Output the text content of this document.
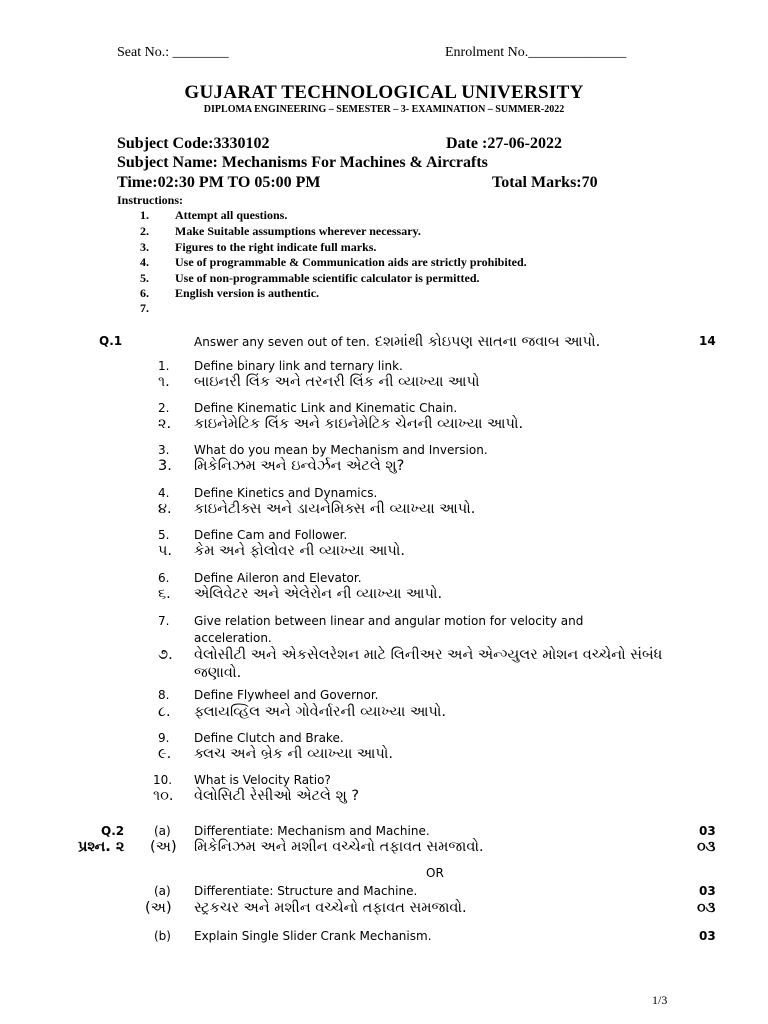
Seat No.: ________	Enrolment No.______________
GUJARAT TECHNOLOGICAL UNIVERSITY
DIPLOMA ENGINEERING – SEMESTER – 3- EXAMINATION – SUMMER-2022
Subject Code:3330102	Date :27-06-2022
Subject Name: Mechanisms For Machines & Aircrafts
Time:02:30 PM TO 05:00 PM	Total Marks:70
Instructions:
1. Attempt all questions.
2. Make Suitable assumptions wherever necessary.
3. Figures to the right indicate full marks.
4. Use of programmable & Communication aids are strictly prohibited.
5. Use of non-programmable scientific calculator is permitted.
6. English version is authentic.
7.
Q.1	Answer any seven out of ten. દશમાંથી કોઇપણ સાતના જવાબ આપો.	14
1. Define binary link and ternary link.
૧. બાઇનરી લિંક અને તરનરી લિંક ની વ્યાખ્યા આપો
2. Define Kinematic Link and Kinematic Chain.
૨. કાઇનેમેટિક લિંક અને કાઇનેમેટિક ચેનની વ્યાખ્યા આપો.
3. What do you mean by Mechanism and Inversion.
3. મિકેનિઝમ અને ઇન્વેર્ઝન એટલે શુ?
4. Define Kinetics and Dynamics.
૪. કાઇનેટીક્સ અને ડાયનેમિક્સ ની વ્યાખ્યા આપો.
5. Define Cam and Follower.
પ. કેમ અને ફોલોવર ની વ્યાખ્યા આપો.
6. Define Aileron and Elevator.
૬. એલિવેટર અને એલેરોન ની વ્યાખ્યા આપો.
7. Give relation between linear and angular motion for velocity and
acceleration.
૭. વેલોસીટી અને એકસેલરેશન માટે લિનીઅર અને એન્ગ્યુલર મોશન વચ્ચેનો સંબંધ
જણાવો.
8. Define Flywheel and Governor.
૮. ફ્લાયવ્હિલ અને ગોવેર્નારની વ્યાખ્યા આપો.
9. Define Clutch and Brake.
૯. ક્લચ અને બ્રેક ની વ્યાખ્યા આપો.
10. What is Velocity Ratio?
૧૦. વેલોસિટી રેસીઓ એટલે શુ ?
Q.2 (a) Differentiate: Mechanism and Machine.	03
પ્રશ્ન. ૨ (અ) મિકેનિઝમ અને મશીન વચ્ચેનો તફાવત સમજાવો.	૦૩
OR
(a) Differentiate: Structure and Machine.	03
(અ) સ્ટ્રકચર અને મશીન વચ્ચેનો તફાવત સમજાવો.	૦૩
(b) Explain Single Slider Crank Mechanism.	03
1/3
